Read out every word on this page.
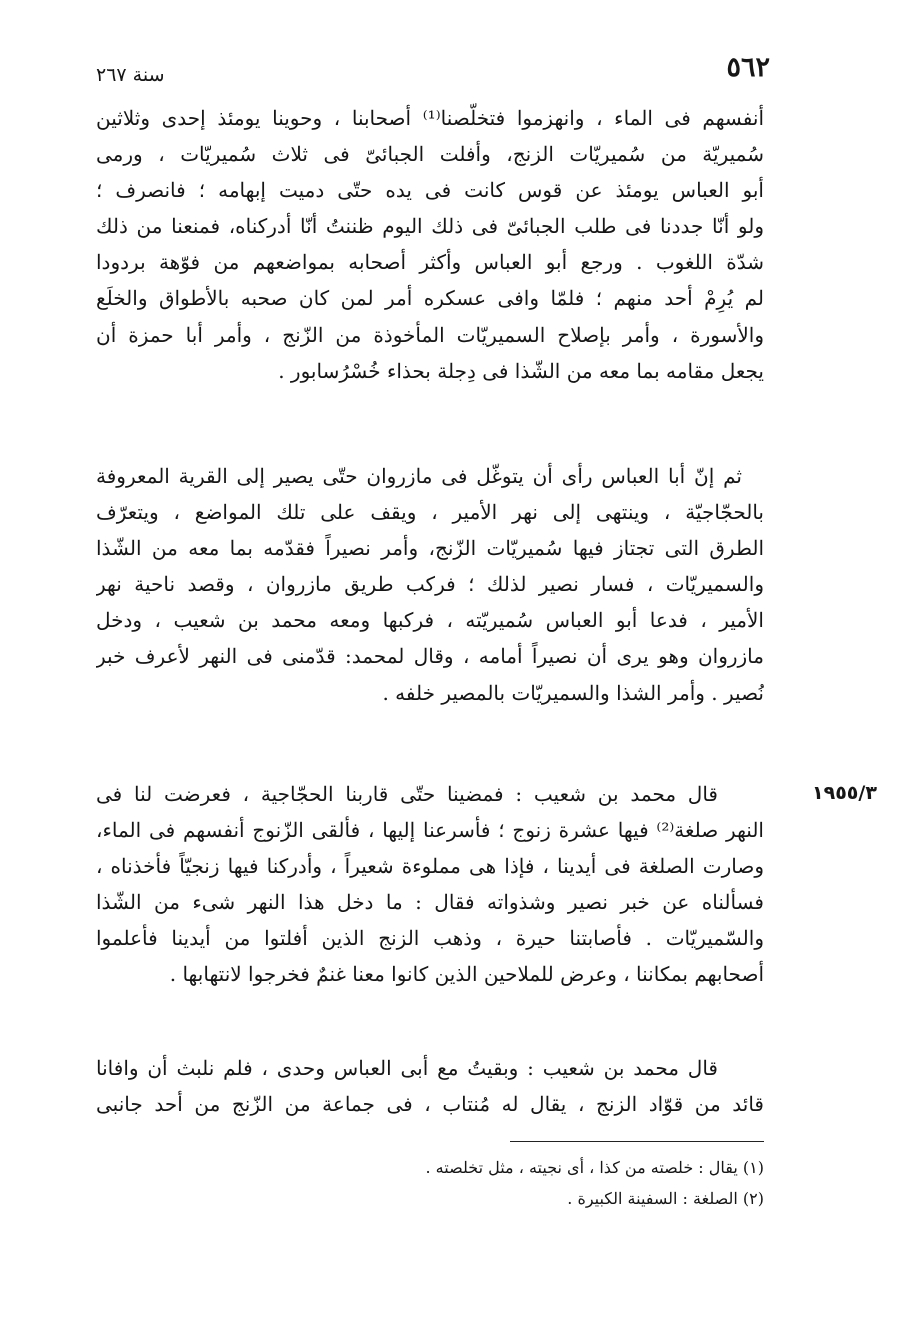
٥٦٢
سنة ٢٦٧
أنفسهم فى الماء ، وانهزموا فتخلّصنا⁽¹⁾ أصحابنا ، وحوينا يومئذ إحدى وثلاثين
سُميريّة من سُميريّات الزنج، وأفلت الجبائىّ فى ثلاث سُميريّات ، ورمى
أبو العباس يومئذ عن قوس كانت فى يده حتّى دميت إبهامه ؛ فانصرف ؛
ولو أنّا جددنا فى طلب الجبائىّ فى ذلك اليوم ظننتُ أنّا أدركناه، فمنعنا من ذلك
شدّة اللغوب . ورجع أبو العباس وأكثر أصحابه بمواضعهم من فوّهة بردودا
لم يُرِمْ أحد منهم ؛ فلمّا وافى عسكره أمر لمن كان صحبه بالأطواق والخلَع
والأسورة ، وأمر بإصلاح السميريّات المأخوذة من الزّنج ، وأمر أبا حمزة أن
يجعل مقامه بما معه من الشّذا فى دِجلة بحذاء خُسْرُسابور .
ثم إنّ أبا العباس رأى أن يتوغّل فى مازروان حتّى يصير إلى القرية المعروفة
بالحجّاجيّة ، وينتهى إلى نهر الأمير ، ويقف على تلك المواضع ، ويتعرّف
الطرق التى تجتاز فيها سُميريّات الزّنج، وأمر نصيراً فقدّمه بما معه من الشّذا
والسميريّات ، فسار نصير لذلك ؛ فركب طريق مازروان ، وقصد ناحية نهر
الأمير ، فدعا أبو العباس سُميريّته ، فركبها ومعه محمد بن شعيب ، ودخل
مازروان وهو يرى أن نصيراً أمامه ، وقال لمحمد: قدّمنى فى النهر لأعرف خبر
نُصير . وأمر الشذا والسميريّات بالمصير خلفه .
١٩٥٥/٣
قال محمد بن شعيب : فمضينا حتّى قاربنا الحجّاجية ، فعرضت لنا فى
النهر صلغة⁽²⁾ فيها عشرة زنوج ؛ فأسرعنا إليها ، فألقى الزّنوج أنفسهم فى الماء،
وصارت الصلغة فى أيدينا ، فإذا هى مملوءة شعيراً ، وأدركنا فيها زنجيّاً فأخذناه ،
فسألناه عن خبر نصير وشذواته فقال : ما دخل هذا النهر شىء من الشّذا
والسّميريّات . فأصابتنا حيرة ، وذهب الزنج الذين أفلتوا من أيدينا فأعلموا
أصحابهم بمكاننا ، وعرض للملاحين الذين كانوا معنا غنمٌ فخرجوا لانتهابها .
قال محمد بن شعيب : وبقيتُ مع أبى العباس وحدى ، فلم نلبث أن وافانا
قائد من قوّاد الزنج ، يقال له مُنتاب ، فى جماعة من الزّنج من أحد جانبى
(١) يقال : خلصته من كذا ، أى نجيته ، مثل تخلصته .
(٢) الصلغة : السفينة الكبيرة .
